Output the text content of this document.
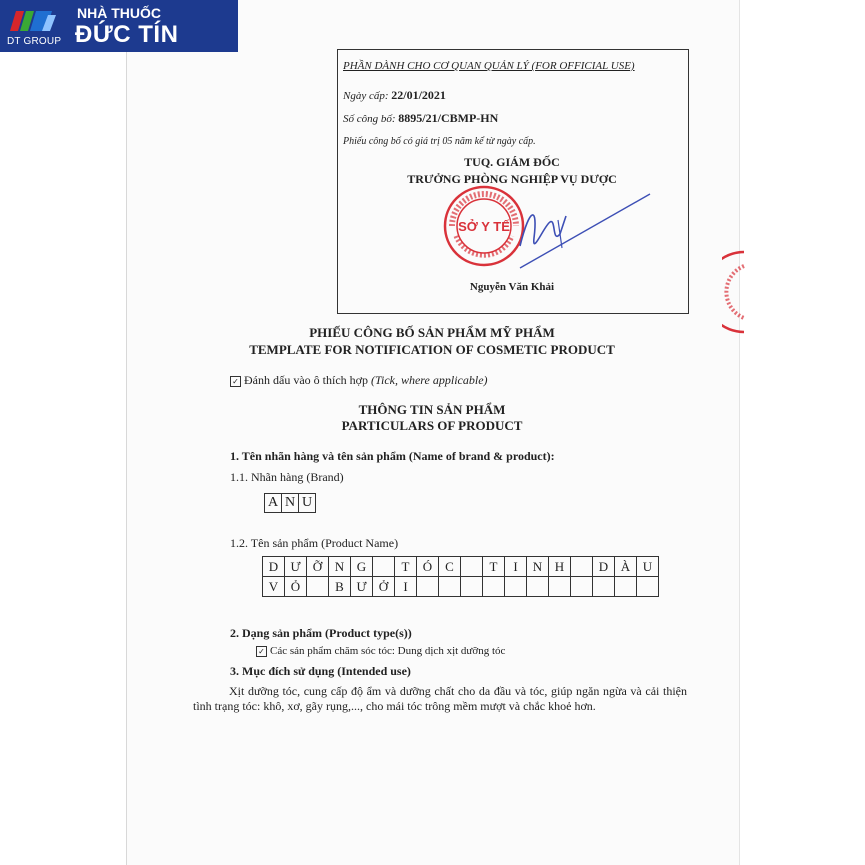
DT GROUP
NHÀ THUỐC
ĐỨC TÍN
PHẦN DÀNH CHO CƠ QUAN QUẢN LÝ (FOR OFFICIAL USE)
Ngày cấp: 22/01/2021
Số công bố: 8895/21/CBMP-HN
Phiếu công bố có giá trị 05 năm kể từ ngày cấp.
TUQ. GIÁM ĐỐC
TRƯỞNG PHÒNG NGHIỆP VỤ DƯỢC
SỞ Y TẾ
Nguyễn Văn Khải
PHIẾU CÔNG BỐ SẢN PHẨM MỸ PHẨM
TEMPLATE FOR NOTIFICATION OF COSMETIC PRODUCT
✓ Đánh dấu vào ô thích hợp (Tick, where applicable)
THÔNG TIN SẢN PHẨM
PARTICULARS OF PRODUCT
1. Tên nhãn hàng và tên sản phẩm (Name of brand & product):
1.1. Nhãn hàng (Brand)
A	N	U
1.2. Tên sản phẩm (Product Name)
D	Ư	Ỡ	N	G		T	Ó	C		T	I	N	H		D	À	U
V	Ỏ		B	Ư	Ở	I											
2. Dạng sản phẩm (Product type(s))
✓ Các sản phẩm chăm sóc tóc: Dung dịch xịt dưỡng tóc
3. Mục đích sử dụng (Intended use)
Xịt dưỡng tóc, cung cấp độ ẩm và dưỡng chất cho da đầu và tóc, giúp ngăn ngừa và cải thiện tình trạng tóc: khô, xơ, gãy rụng,..., cho mái tóc trông mềm mượt và chắc khoẻ hơn.
